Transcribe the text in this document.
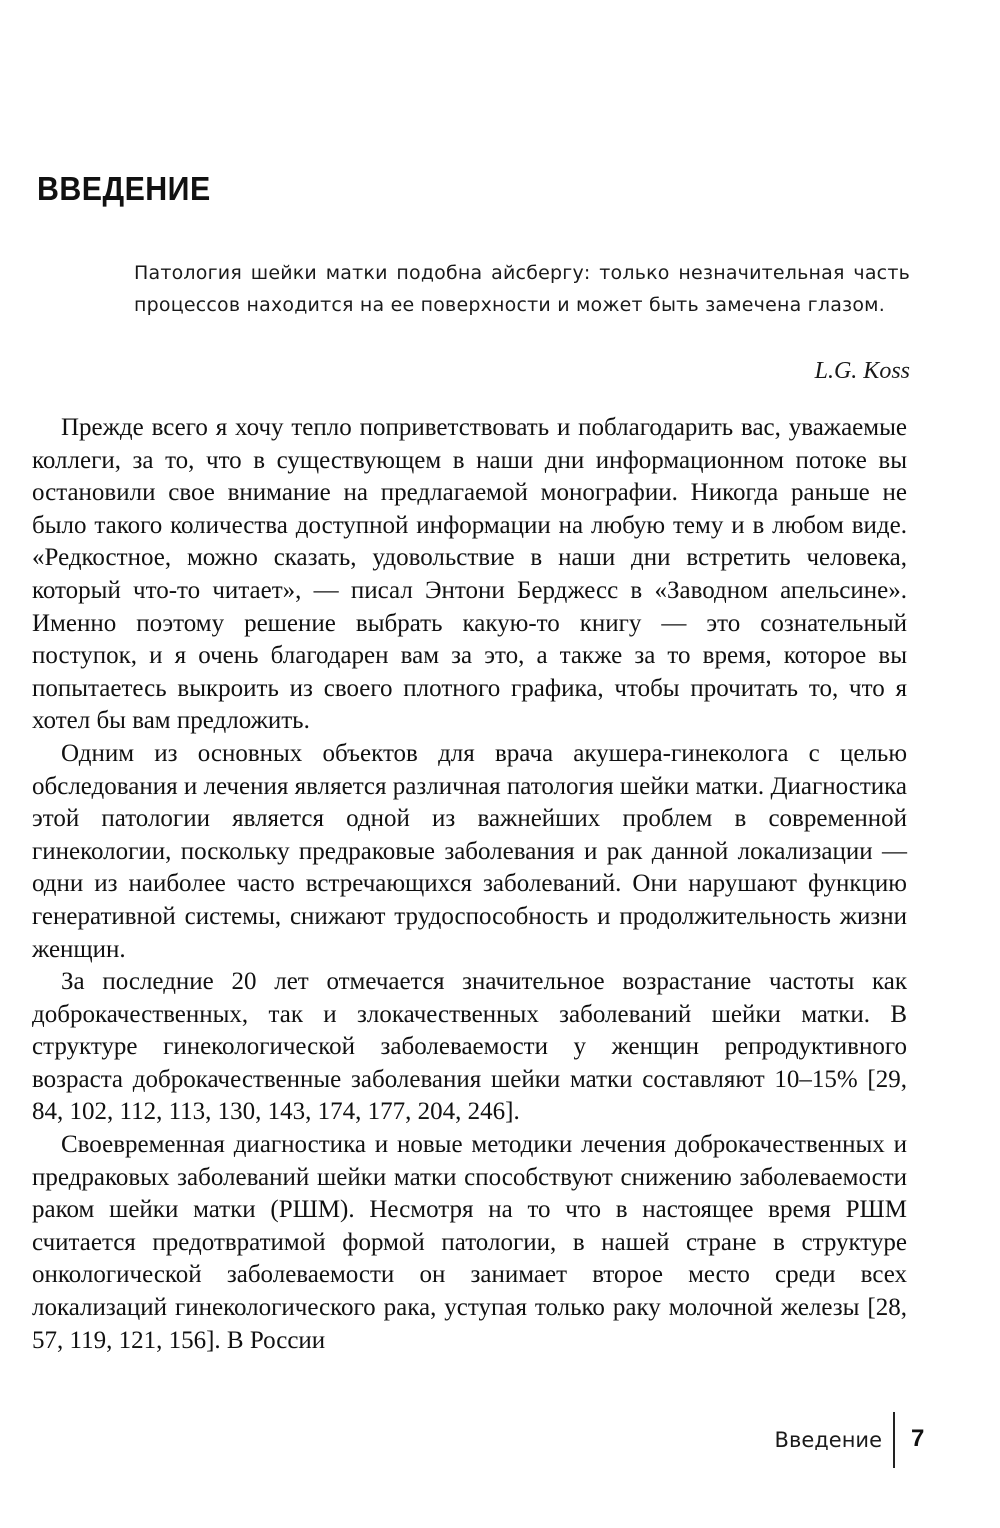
ВВЕДЕНИЕ

Патология шейки матки подобна айсбергу: только незначительная часть процессов находится на ее поверхности и может быть замечена глазом.

L.G. Koss

Прежде всего я хочу тепло поприветствовать и поблагодарить вас, уважаемые коллеги, за то, что в существующем в наши дни информационном потоке вы остановили свое внимание на предлагаемой монографии. Никогда раньше не было такого количества доступной информации на любую тему и в любом виде. «Редкостное, можно сказать, удовольствие в наши дни встретить человека, который что-то читает», — писал Энтони Берджесс в «Заводном апельсине». Именно поэтому решение выбрать какую-то книгу — это сознательный поступок, и я очень благодарен вам за это, а также за то время, которое вы попытаетесь выкроить из своего плотного графика, чтобы прочитать то, что я хотел бы вам предложить.

Одним из основных объектов для врача акушера-гинеколога с целью обследования и лечения является различная патология шейки матки. Диагностика этой патологии является одной из важнейших проблем в современной гинекологии, поскольку предраковые заболевания и рак данной локализации — одни из наиболее часто встречающихся заболеваний. Они нарушают функцию генеративной системы, снижают трудоспособность и продолжительность жизни женщин.

За последние 20 лет отмечается значительное возрастание частоты как доброкачественных, так и злокачественных заболеваний шейки матки. В структуре гинекологической заболеваемости у женщин репродуктивного возраста доброкачественные заболевания шейки матки составляют 10–15% [29, 84, 102, 112, 113, 130, 143, 174, 177, 204, 246].

Своевременная диагностика и новые методики лечения доброкачественных и предраковых заболеваний шейки матки способствуют снижению заболеваемости раком шейки матки (РШМ). Несмотря на то что в настоящее время РШМ считается предотвратимой формой патологии, в нашей стране в структуре онкологической заболеваемости он занимает второе место среди всех локализаций гинекологического рака, уступая только раку молочной железы [28, 57, 119, 121, 156]. В России

Введение 7
